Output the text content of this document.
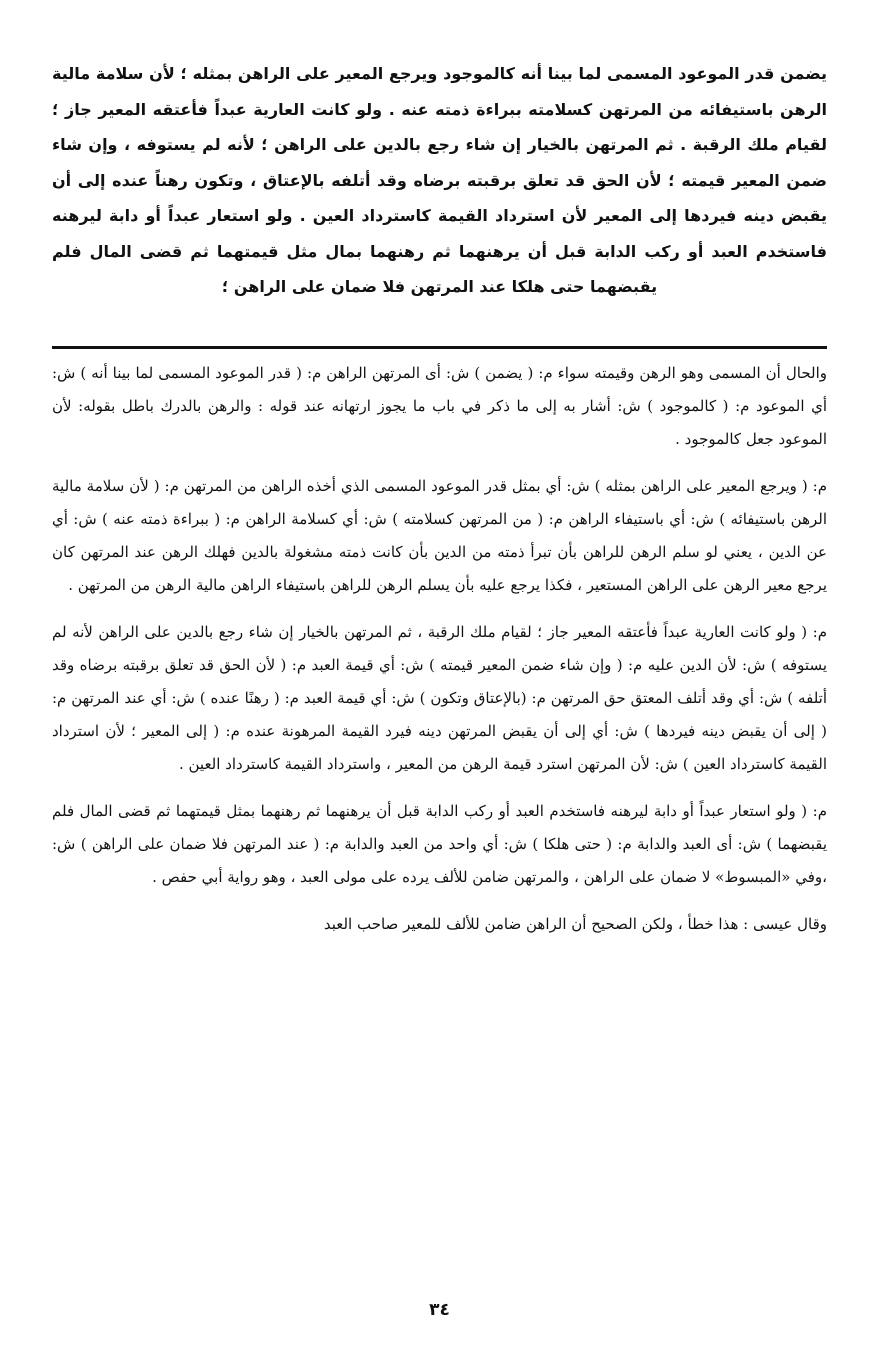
يضمن قدر الموعود المسمى لما بينا أنه كالموجود ويرجع المعير على الراهن بمثله ؛ لأن سلامة مالية الرهن باستيفائه من المرتهن كسلامته ببراءة ذمته عنه . ولو كانت العارية عبداً فأعتقه المعير جاز ؛ لقيام ملك الرقبة . ثم المرتهن بالخيار إن شاء رجع بالدين على الراهن ؛ لأنه لم يستوفه ، وإن شاء ضمن المعير قيمته ؛ لأن الحق قد تعلق برقبته برضاه وقد أتلفه بالإعتاق ، وتكون رهناً عنده إلى أن يقبض دينه فيردها إلى المعير لأن استرداد القيمة كاسترداد العين . ولو استعار عبداً أو دابة ليرهنه فاستخدم العبد أو ركب الدابة قبل أن يرهنهما ثم رهنهما بمال مثل قيمتهما ثم قضى المال فلم يقبضهما حتى هلكا عند المرتهن فلا ضمان على الراهن ؛

والحال أن المسمى وهو الرهن وقيمته سواء م: ( يضمن ) ش: أى المرتهن الراهن م: ( قدر الموعود المسمى لما بينا أنه ) ش: أي الموعود م: ( كالموجود ) ش: أشار به إلى ما ذكر في باب ما يجوز ارتهانه عند قوله : والرهن بالدرك باطل بقوله: لأن الموعود جعل كالموجود .

م: ( ويرجع المعير على الراهن بمثله ) ش: أي بمثل قدر الموعود المسمى الذي أخذه الراهن من المرتهن م: ( لأن سلامة مالية الرهن باستيفائه ) ش: أي باستيفاء الراهن م: ( من المرتهن كسلامته ) ش: أي كسلامة الراهن م: ( ببراءة ذمته عنه ) ش: أي عن الدين ، يعني لو سلم الرهن للراهن بأن تبرأ ذمته من الدين بأن كانت ذمته مشغولة بالدين فهلك الرهن عند المرتهن كان يرجع معير الرهن على الراهن المستعير ، فكذا يرجع عليه بأن يسلم الرهن للراهن باستيفاء الراهن مالية الرهن من المرتهن .

م: ( ولو كانت العارية عبداً فأعتقه المعير جاز ؛ لقيام ملك الرقبة ، ثم المرتهن بالخيار إن شاء رجع بالدين على الراهن لأنه لم يستوفه ) ش: لأن الدين عليه م: ( وإن شاء ضمن المعير قيمته ) ش: أي قيمة العبد م: ( لأن الحق قد تعلق برقبته برضاه وقد أتلفه ) ش: أي وقد أتلف المعتق حق المرتهن م: (بالإعتاق وتكون ) ش: أي قيمة العبد م: ( رهنًا عنده ) ش: أي عند المرتهن م: ( إلى أن يقبض دينه فيردها ) ش: أي إلى أن يقبض المرتهن دينه فيرد القيمة المرهونة عنده م: ( إلى المعير ؛ لأن استرداد القيمة كاسترداد العين ) ش: لأن المرتهن استرد قيمة الرهن من المعير ، واسترداد القيمة كاسترداد العين .

م: ( ولو استعار عبداً أو دابة ليرهنه فاستخدم العبد أو ركب الدابة قبل أن يرهنهما ثم رهنهما بمثل قيمتهما ثم قضى المال فلم يقبضهما ) ش: أى العبد والدابة م: ( حتى هلكا ) ش: أي واحد من العبد والدابة م: ( عند المرتهن فلا ضمان على الراهن ) ش: ،وفي «المبسوط» لا ضمان على الراهن ، والمرتهن ضامن للألف يرده على مولى العبد ، وهو رواية أبي حفص .

وقال عيسى : هذا خطأ ، ولكن الصحيح أن الراهن ضامن للألف للمعير صاحب العبد

٣٤
